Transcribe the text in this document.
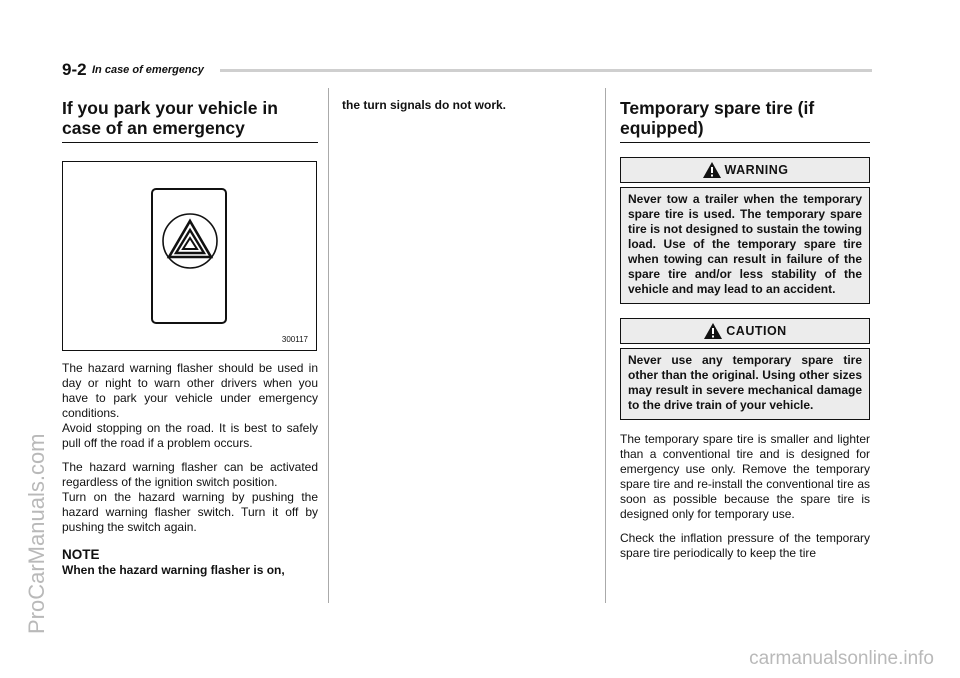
9-2 In case of emergency
If you park your vehicle in case of an emergency
300117

The hazard warning flasher should be used in day or night to warn other drivers when you have to park your vehicle under emergency conditions.

Avoid stopping on the road. It is best to safely pull off the road if a problem occurs.

The hazard warning flasher can be activated regardless of the ignition switch position.

Turn on the hazard warning by pushing the hazard warning flasher switch. Turn it off by pushing the switch again.

NOTE

When the hazard warning flasher is on,

the turn signals do not work.	Temporary spare tire (if equipped)
WARNING

Never tow a trailer when the temporary spare tire is used. The temporary spare tire is not designed to sustain the towing load. Use of the temporary spare tire when towing can result in failure of the spare tire and/or less stability of the vehicle and may lead to an accident.

CAUTION

Never use any temporary spare tire other than the original. Using other sizes may result in severe mechanical damage to the drive train of your vehicle.

The temporary spare tire is smaller and lighter than a conventional tire and is designed for emergency use only. Remove the temporary spare tire and re-install the conventional tire as soon as possible because the spare tire is designed only for temporary use.

Check the inflation pressure of the temporary spare tire periodically to keep the tire

ProCarManuals.com
carmanualsonline.info
